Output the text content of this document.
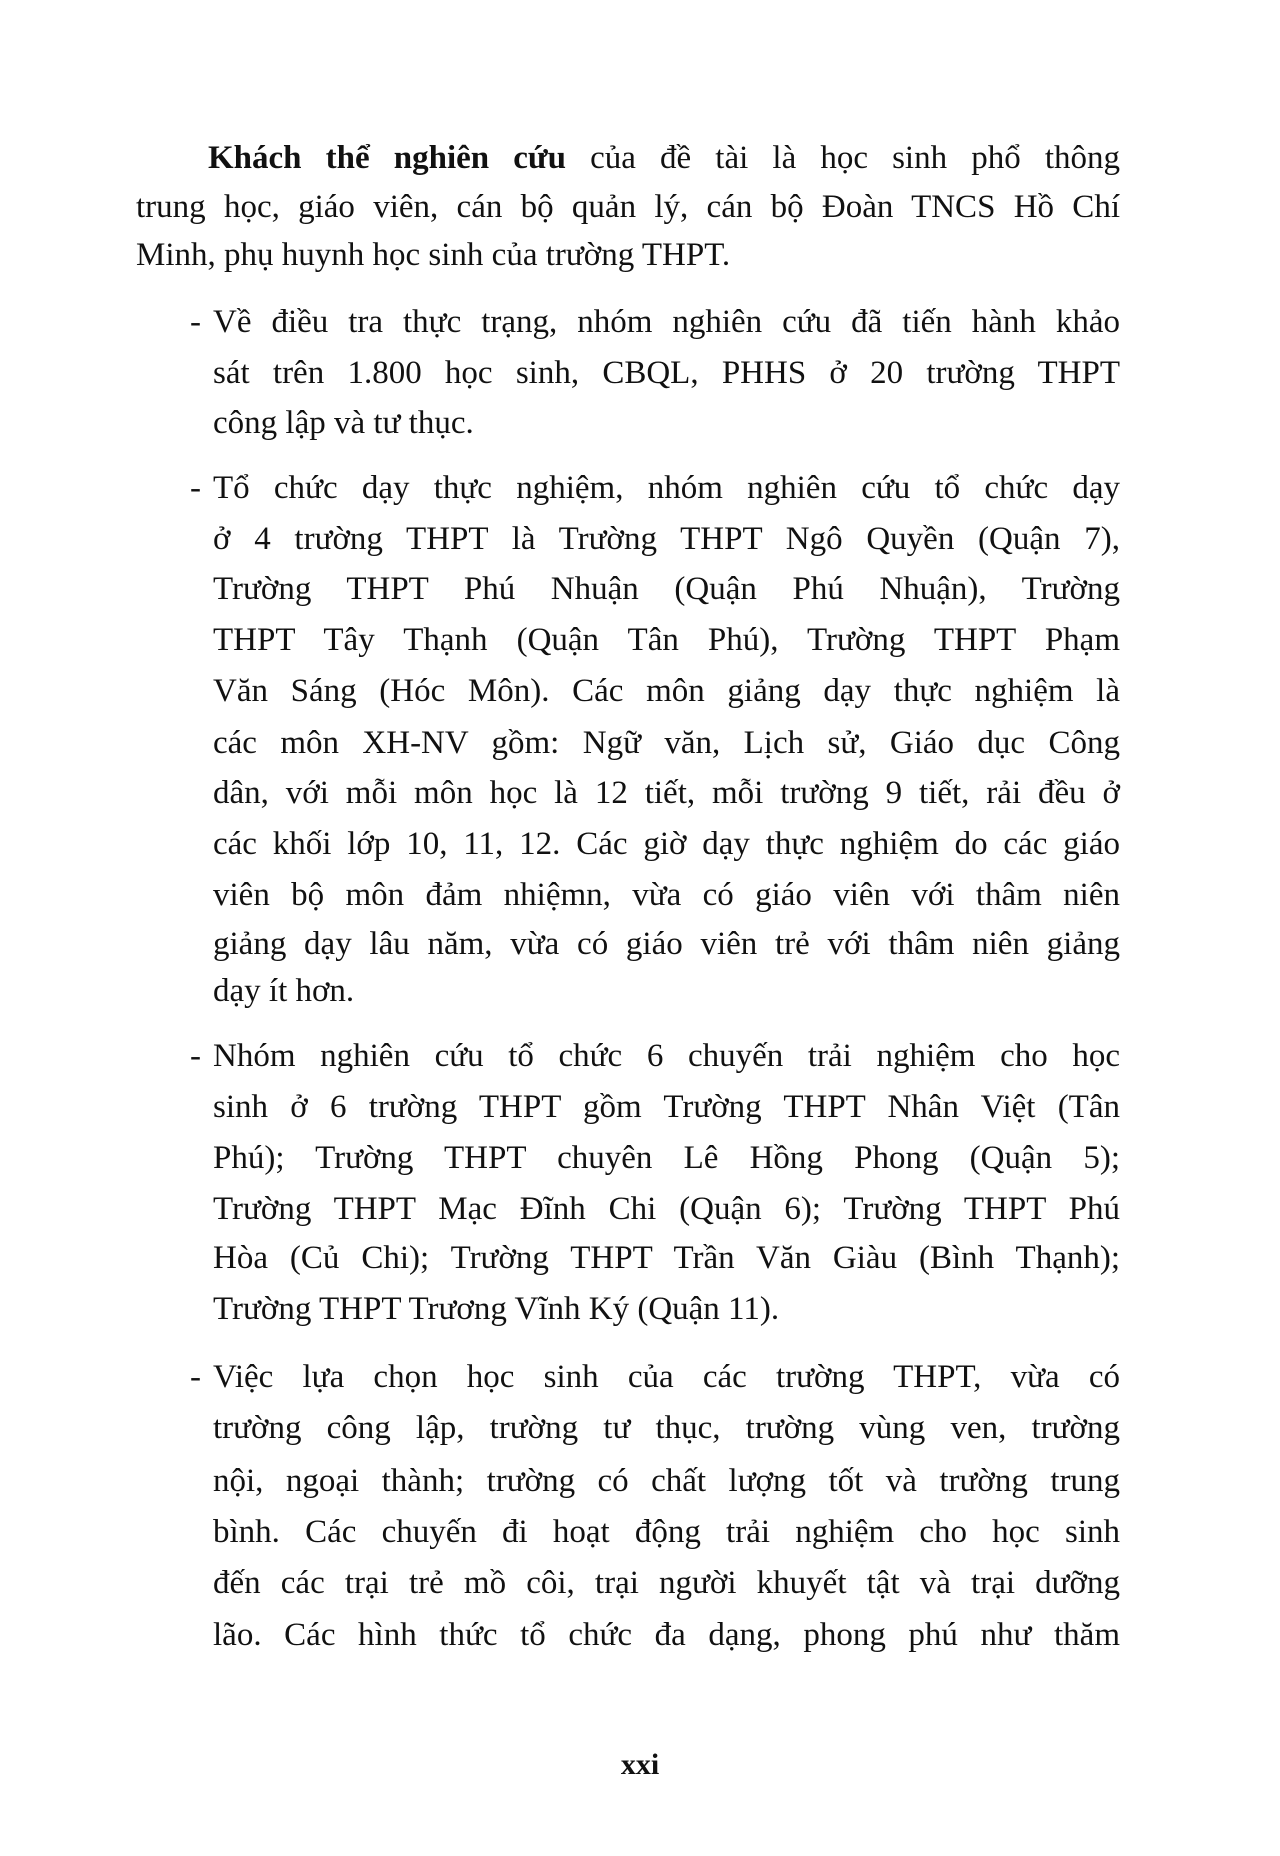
Khách thể nghiên cứu của đề tài là học sinh phổ thông
trung học, giáo viên, cán bộ quản lý, cán bộ Đoàn TNCS Hồ Chí
Minh, phụ huynh học sinh của trường THPT.
- Về điều tra thực trạng, nhóm nghiên cứu đã tiến hành khảo
sát trên 1.800 học sinh, CBQL, PHHS ở 20 trường THPT
công lập và tư thục.
- Tổ chức dạy thực nghiệm, nhóm nghiên cứu tổ chức dạy
ở 4 trường THPT là Trường THPT Ngô Quyền (Quận 7),
Trường THPT Phú Nhuận (Quận Phú Nhuận), Trường
THPT Tây Thạnh (Quận Tân Phú), Trường THPT Phạm
Văn Sáng (Hóc Môn). Các môn giảng dạy thực nghiệm là
các môn XH-NV gồm: Ngữ văn, Lịch sử, Giáo dục Công
dân, với mỗi môn học là 12 tiết, mỗi trường 9 tiết, rải đều ở
các khối lớp 10, 11, 12. Các giờ dạy thực nghiệm do các giáo
viên bộ môn đảm nhiệmn, vừa có giáo viên với thâm niên
giảng dạy lâu năm, vừa có giáo viên trẻ với thâm niên giảng
dạy ít hơn.
- Nhóm nghiên cứu tổ chức 6 chuyến trải nghiệm cho học
sinh ở 6 trường THPT gồm Trường THPT Nhân Việt (Tân
Phú); Trường THPT chuyên Lê Hồng Phong (Quận 5);
Trường THPT Mạc Đĩnh Chi (Quận 6); Trường THPT Phú
Hòa (Củ Chi); Trường THPT Trần Văn Giàu (Bình Thạnh);
Trường THPT Trương Vĩnh Ký (Quận 11).
- Việc lựa chọn học sinh của các trường THPT, vừa có
trường công lập, trường tư thục, trường vùng ven, trường
nội, ngoại thành; trường có chất lượng tốt và trường trung
bình. Các chuyến đi hoạt động trải nghiệm cho học sinh
đến các trại trẻ mồ côi, trại người khuyết tật và trại dưỡng
lão. Các hình thức tổ chức đa dạng, phong phú như thăm
xxi
